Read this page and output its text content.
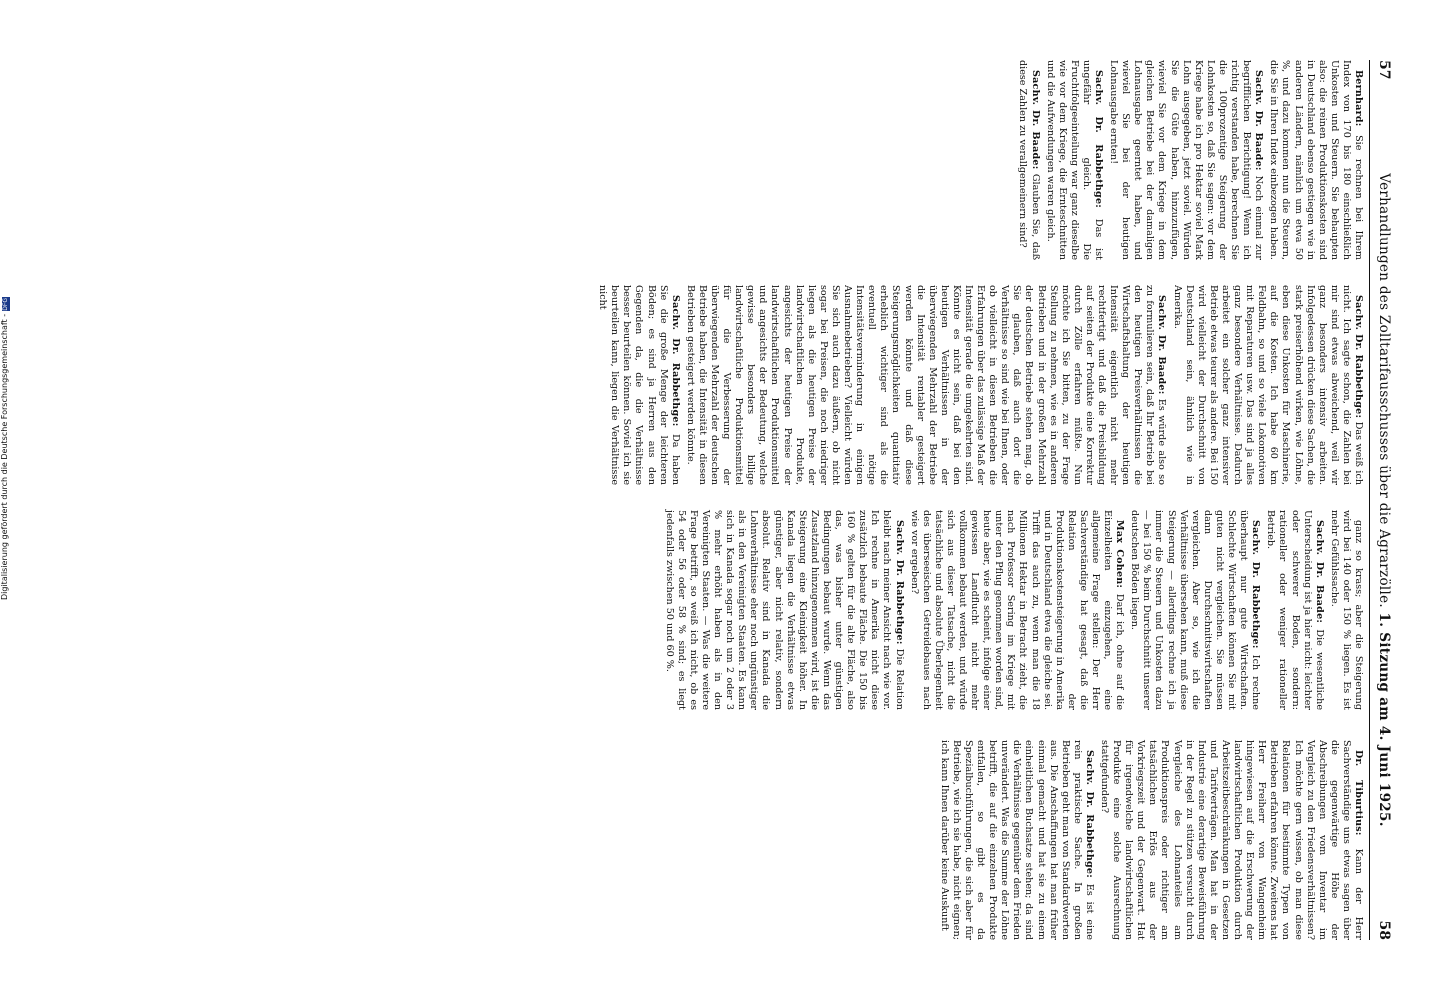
57
Verhandlungen des Zolltarifausschusses über die Agrarzölle. 1. Sitzung am 4. Juni 1925.
58

Bernhard: Sie rechnen bei Ihrem Index von 170 bis 180 einschließlich Unkosten und Steuern. Sie behaupten also: die reinen Produktionskosten sind in Deutschland ebenso gestiegen wie in anderen Ländern, nämlich um etwa 50 %, und dazu kommen nun die Steuern, die Sie in Ihren Index einbezogen haben.

Sachv. Dr. Baade: Noch einmal zur begrifflichen Berichtigung! Wenn ich richtig verstanden habe, berechnen Sie die 100prozentige Steigerung der Lohnkosten so, daß Sie sagen: vor dem Kriege habe ich pro Hektar soviel Mark Lohn ausgegeben, jetzt soviel. Würden Sie die Güte haben, hinzuzufügen, wieviel Sie vor dem Kriege in dem gleichen Betriebe bei der damaligen Lohnausgabe geerntet haben, und wieviel Sie bei der heutigen Lohnausgabe ernten!

Sachv. Dr. Rabbethge: Das ist ungefähr gleich. Die Fruchtfolgeeinteilung war ganz dieselbe wie vor dem Kriege, die Ernteschnitten und die Aufwendungen waren gleich.

Sachv. Dr. Baade: Glauben Sie, daß diese Zahlen zu verallgemeinern sind?

Sachv. Dr. Rabbethge: Das weiß ich nicht. Ich sagte schon, die Zahlen bei mir sind etwas abweichend, weil wir ganz besonders intensiv arbeiten. Infolgedessen drücken diese Sachen, die stark preiserhöhend wirken, wie Löhne, eben diese Unkosten für Maschinerie, auf die Kosten. Ich habe 60 km Feldbahn, so und so viele Lokomotiven mit Reparaturen usw. Das sind ja alles ganz besondere Verhältnisse. Dadurch arbeitet ein solcher ganz intensiver Betrieb etwas teurer als andere. Bei 150 wird vielleicht der Durchschnitt von Deutschland sein, ähnlich wie in Amerika.

Sachv. Dr. Baade: Es würde also so zu formulieren sein, daß Ihr Betrieb bei den heutigen Preisverhältnissen die Wirtschaftshaltung der heutigen Intensität eigentlich nicht mehr rechtfertigt und daß die Preisbildung auf seiten der Produkte eine Korrektur durch Zölle erfahren müßte. Nun möchte ich Sie bitten, zu der Frage Stellung zu nehmen, wie es in anderen Betrieben und in der großen Mehrzahl der deutschen Betriebe stehen mag, ob Sie glauben, daß auch dort die Verhältnisse so sind wie bei Ihnen, oder ob vielleicht in diesen Betrieben die Erfahrungen über das zulässige Maß der Intensität gerade die umgekehrten sind. Könnte es nicht sein, daß bei den heutigen Verhältnissen in der überwiegenden Mehrzahl der Betriebe die Intensität rentabler gesteigert werden könnte und daß diese Steigerungsmöglichkeiten quantitativ erheblich wichtiger sind als die eventuell nötige Intensitätsverminderung in einigen Ausnahmebetrieben? Vielleicht würden Sie sich auch dazu äußern, ob nicht sogar bei Preisen, die noch niedriger liegen als die heutigen Preise der landwirtschaftlichen Produkte, angesichts der heutigen Preise der landwirtschaftlichen Produktionsmittel und angesichts der Bedeutung, welche gewisse besonders billige landwirtschaftliche Produktionsmittel für die Verbesserung der überwiegenden Mehrzahl der deutschen Betriebe haben, die Intensität in diesen Betrieben gesteigert werden könnte.

Sachv. Dr. Rabbethge: Da haben Sie die große Menge der leichteren Böden; es sind ja Herren aus den Gegenden da, die die Verhältnisse besser beurteilen können. Soviel ich sie beurteilen kann, liegen die Verhältnisse nicht

ganz so krass; aber die Steigerung wird bei 140 oder 150 % liegen. Es ist mehr Gefühlssache.

Sachv. Dr. Baade: Die wesentliche Unterscheidung ist ja hier nicht: leichter oder schwerer Boden, sondern: rationeller oder weniger rationeller Betrieb.

Sachv. Dr. Rabbethge: Ich rechne überhaupt nur gute Wirtschaften. Schlechte Wirtschaften können Sie mit guten nicht vergleichen. Sie müssen dann Durchschnittswirtschaften vergleichen. Aber so, wie ich die Verhältnisse übersehen kann, muß diese Steigerung — allerdings rechne ich ja immer die Steuern und Unkosten dazu — bei 150 % beim Durchschnitt unserer deutschen Böden liegen.

Max Cohen: Darf ich, ohne auf die Einzelheiten einzugehen, eine allgemeine Frage stellen: Der Herr Sachverständige hat gesagt, daß die Relation der Produktionskostensteigerung in Amerika und in Deutschland etwa die gleiche sei. Trifft das auch zu, wenn man die 18 Millionen Hektar in Betracht zieht, die nach Professor Sering im Kriege mit unter den Pflug genommen worden sind, heute aber, wie es scheint, infolge einer gewissen Landflucht nicht mehr vollkommen bebaut werden, und würde sich aus dieser Tatsache, nicht die tatsächliche und absolute Überlegenheit des überseeischen Getreidebaues nach wie vor ergeben?

Sachv. Dr. Rabbethge: Die Relation bleibt nach meiner Ansicht nach wie vor. Ich rechne in Amerika nicht diese zusätzlich bebaute Fläche. Die 150 bis 160 % gelten für die alte Fläche, also das, was bisher unter günstigen Bedingungen bebaut wurde. Wenn das Zusatzland hinzugenommen wird, ist die Steigerung eine Kleinigkeit höher. In Kanada liegen die Verhältnisse etwas günstiger, aber nicht relativ, sondern absolut. Relativ sind in Kanada die Lohnverhältnisse eher noch ungünstiger als in den Vereinigten Staaten. Es kann sich in Kanada sogar noch um 2 oder 3 % mehr erhöht haben als in den Vereinigten Staaten. — Was die weitere Frage betrifft, so weiß ich nicht, ob es 54 oder 56 oder 58 % sind; es liegt jedenfalls zwischen 50 und 60 %.

Dr. Tiburtius: Kann der Herr Sachverständige uns etwas sagen über die gegenwärtige Höhe der Abschreibungen vom Inventar im Vergleich zu den Friedensverhältnissen? Ich möchte gern wissen, ob man diese Relationen für bestimmte Typen von Betrieben erfahren könnte. Zweitens hat Herr Freiherr von Wangenheim hingewiesen auf die Erschwerung der landwirtschaftlichen Produktion durch Arbeitszeitbeschränkungen in Gesetzen und Tarifverträgen. Man hat in der Industrie eine derartige Beweisführung in der Regel zu stützen versucht durch Vergleiche des Lohnanteiles am Produktionspreis oder richtiger am tatsächlichen Erlös aus der Vorkriegszeit und der Gegenwart. Hat für irgendwelche landwirtschaftlichen Produkte eine solche Ausrechnung stattgefunden?

Sachv. Dr. Rabbethge: Es ist eine rein praktische Sache. In großen Betrieben geht man von Standardwerten aus. Die Anschaffungen hat man früher einmal gemacht und hat sie zu einem einheitlichen Buchsatze stehen; da sind die Verhältnisse gegenüber dem Frieden unverändert. Was die Summe der Löhne betrifft, die auf die einzelnen Produkte entfallen, so gibt es da Spezialbuchführungen, die sich aber für Betriebe, wie ich sie habe, nicht eignen; ich kann Ihnen darüber keine Auskunft

Digitalisierung gefördert durch die Deutsche Forschungsgemeinschaft - DFG
